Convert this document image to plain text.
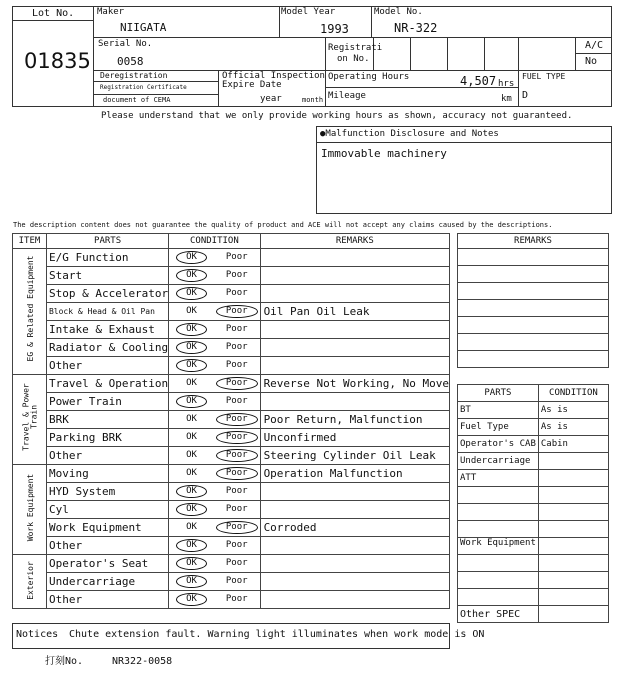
Lot No.
01835
Maker
NIIGATA
Model Year
1993
Model No.
NR-322
Serial No.
0058
Registrati
on No.
A/C
No
Deregistration
Registration Certificate
document of CEMA
Official Inspection
Expire Date
year	month
Operating Hours	4,507 hrs
Mileage	km
FUEL TYPE
D
Please understand that we only provide working hours as shown, accuracy not guaranteed.
●Malfunction Disclosure and Notes
Immovable machinery
The description content does not guarantee the quality of product and ACE will not accept any claims caused by the descriptions.
ITEM	PARTS	CONDITION		REMARKS

EG & Related Equipment	E/G Function	OK	Poor	
	Start	OK	Poor	
	Stop & Accelerator	OK	Poor	
	Block & Head & Oil Pan	OK	Poor	Oil Pan Oil Leak
	Intake & Exhaust	OK	Poor	
	Radiator & Cooling	OK	Poor	
	Other	OK	Poor	

Travel & Power Train	Travel & Operation	OK	Poor	Reverse Not Working, No Move
	Power Train	OK	Poor	
	BRK	OK	Poor	Poor Return, Malfunction
	Parking BRK	OK	Poor	Unconfirmed
	Other	OK	Poor	Steering Cylinder Oil Leak

Work Equipment	Moving	OK	Poor	Operation Malfunction
	HYD System	OK	Poor	
	Cyl	OK	Poor	
	Work Equipment	OK	Poor	Corroded
	Other	OK	Poor	

Exterior	Operator's Seat	OK	Poor	
	Undercarriage	OK	Poor	
	Other	OK	Poor	
REMARKS

PARTS	CONDITION
BT	As is
Fuel Type	As is
Operator's CAB	Cabin
Undercarriage	
ATT	

Work Equipment	

Other SPEC	
Notices Chute extension fault. Warning light illuminates when work mode is ON
打刻No.	NR322-0058
